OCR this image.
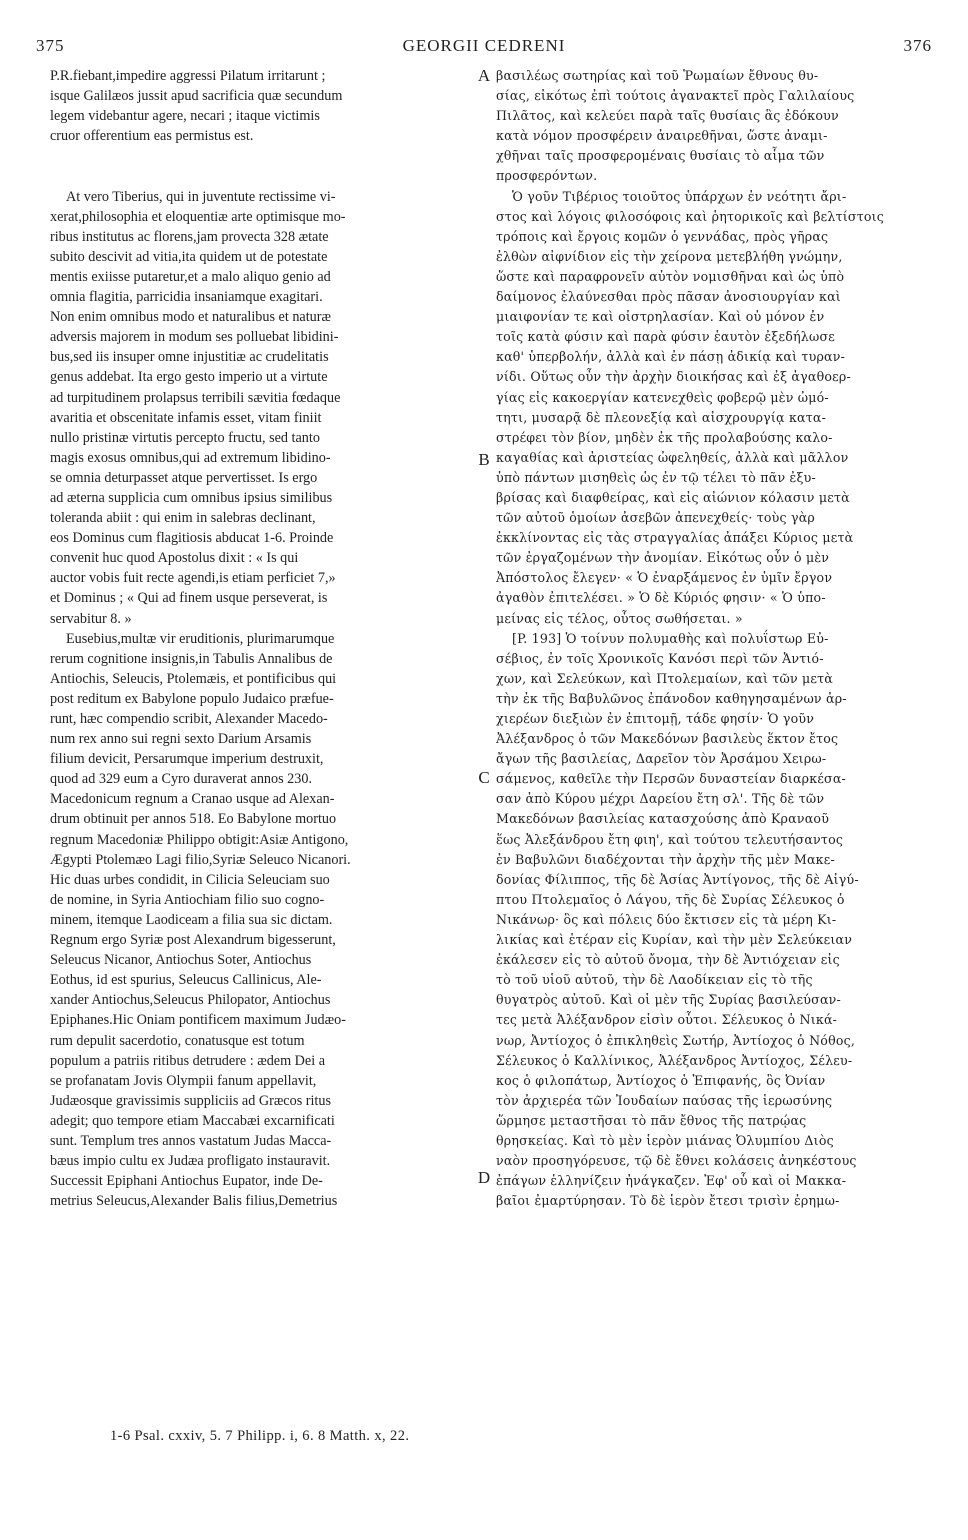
375	GEORGII CEDRENI	376
P.R.fiebant,impedire aggressi Pilatum irritarunt ;
isque Galilæos jussit apud sacrificia quæ secundum
legem videbantur agere, necari ; itaque victimis
cruor offerentium eas permistus est.
At vero Tiberius, qui in juventute rectissime vi-
xerat,philosophia et eloquentiæ arte optimisque mo-
ribus institutus ac florens,jam provecta 328 ætate
subito descivit ad vitia,ita quidem ut de potestate
mentis exiisse putaretur,et a malo aliquo genio ad
omnia flagitia, parricidia insaniamque exagitari.
Non enim omnibus modo et naturalibus et naturæ
adversis majorem in modum ses polluebat libidini-
bus,sed iis insuper omne injustitiæ ac crudelitatis
genus addebat. Ita ergo gesto imperio ut a virtute
ad turpitudinem prolapsus terribili sævitia fœdaque
avaritia et obscenitate infamis esset, vitam finiit
nullo pristinæ virtutis percepto fructu, sed tanto
magis exosus omnibus,qui ad extremum libidino-
se omnia deturpasset atque pervertisset. Is ergo
ad æterna supplicia cum omnibus ipsius similibus
toleranda abiit : qui enim in salebras declinant,
eos Dominus cum flagitiosis abducat 1-6. Proinde
convenit huc quod Apostolus dixit : « Is qui
auctor vobis fuit recte agendi,is etiam perficiet 7,»
et Dominus ; « Qui ad finem usque perseverat, is
servabitur 8. »
Eusebius,multæ vir eruditionis, plurimarumque
rerum cognitione insignis,in Tabulis Annalibus de
Antiochis, Seleucis, Ptolemæis, et pontificibus qui
post reditum ex Babylone populo Judaico præfue-
runt, hæc compendio scribit, Alexander Macedo-
num rex anno sui regni sexto Darium Arsamis
filium devicit, Persarumque imperium destruxit,
quod ad 329 eum a Cyro duraverat annos 230.
Macedonicum regnum a Cranao usque ad Alexan-
drum obtinuit per annos 518. Eo Babylone mortuo
regnum Macedoniæ Philippo obtigit:Asiæ Antigono,
Ægypti Ptolemæo Lagi filio,Syriæ Seleuco Nicanori.
Hic duas urbes condidit, in Cilicia Seleuciam suo
de nomine, in Syria Antiochiam filio suo cogno-
minem, itemque Laodiceam a filia sua sic dictam.
Regnum ergo Syriæ post Alexandrum bigesserunt,
Seleucus Nicanor, Antiochus Soter, Antiochus
Eothus, id est spurius, Seleucus Callinicus, Ale-
xander Antiochus,Seleucus Philopator, Antiochus
Epiphanes.Hic Oniam pontificem maximum Judæo-
rum depulit sacerdotio, conatusque est totum
populum a patriis ritibus detrudere : ædem Dei a
se profanatam Jovis Olympii fanum appellavit,
Judæosque gravissimis suppliciis ad Græcos ritus
adegit; quo tempore etiam Maccabæi excarnificati
sunt. Templum tres annos vastatum Judas Macca-
bæus impio cultu ex Judæa profligato instauravit.
Successit Epiphani Antiochus Eupator, inde De-
metrius Seleucus,Alexander Balis filius,Demetrius
A
B
C
D
βασιλέως σωτηρίας καὶ τοῦ Ῥωμαίων ἔθνους θυ-
σίας, εἰκότως ἐπὶ τούτοις ἀγανακτεῖ πρὸς Γαλιλαίους
Πιλᾶτος, καὶ κελεύει παρὰ ταῖς θυσίαις ἃς ἐδόκουν
κατὰ νόμον προσφέρειν ἀναιρεθῆναι, ὥστε ἀναμι-
χθῆναι ταῖς προσφερομέναις θυσίαις τὸ αἷμα τῶν
προσφερόντων.
Ὁ γοῦν Τιβέριος τοιοῦτος ὑπάρχων ἐν νεότητι ἄρι-
στος καὶ λόγοις φιλοσόφοις καὶ ῥητορικοῖς καὶ βελτίστοις
τρόποις καὶ ἔργοις κομῶν ὁ γεννάδας, πρὸς γῆρας
ἐλθὼν αἰφνίδιον εἰς τὴν χείρονα μετεβλήθη γνώμην,
ὥστε καὶ παραφρονεῖν αὐτὸν νομισθῆναι καὶ ὡς ὑπὸ
δαίμονος ἐλαύνεσθαι πρὸς πᾶσαν ἀνοσιουργίαν καὶ
μιαιφονίαν τε καὶ οἰστρηλασίαν. Καὶ οὐ μόνον ἐν
τοῖς κατὰ φύσιν καὶ παρὰ φύσιν ἑαυτὸν ἐξεδήλωσε
καθ' ὑπερβολήν, ἀλλὰ καὶ ἐν πάσῃ ἀδικίᾳ καὶ τυραν-
νίδι. Οὕτως οὖν τὴν ἀρχὴν διοικήσας καὶ ἐξ ἀγαθοερ-
γίας εἰς κακοεργίαν κατενεχθεὶς φοβερῷ μὲν ὠμό-
τητι, μυσαρᾷ δὲ πλεονεξίᾳ καὶ αἰσχρουργίᾳ κατα-
στρέφει τὸν βίον, μηδὲν ἐκ τῆς προλαβούσης καλο-
καγαθίας καὶ ἀριστείας ὠφεληθείς, ἀλλὰ καὶ μᾶλλον
ὑπὸ πάντων μισηθεὶς ὡς ἐν τῷ τέλει τὸ πᾶν ἐξυ-
βρίσας καὶ διαφθείρας, καὶ εἰς αἰώνιον κόλασιν μετὰ
τῶν αὐτοῦ ὁμοίων ἀσεβῶν ἀπενεχθείς· τοὺς γὰρ
ἐκκλίνοντας εἰς τὰς στραγγαλίας ἀπάξει Κύριος μετὰ
τῶν ἐργαζομένων τὴν ἀνομίαν. Εἰκότως οὖν ὁ μὲν
Ἀπόστολος ἔλεγεν· « Ὁ ἐναρξάμενος ἐν ὑμῖν ἔργον
ἀγαθὸν ἐπιτελέσει. » Ὁ δὲ Κύριός φησιν· « Ὁ ὑπο-
μείνας εἰς τέλος, οὗτος σωθήσεται. »
[P. 193] Ὁ τοίνυν πολυμαθὴς καὶ πολυΐστωρ Εὐ-
σέβιος, ἐν τοῖς Χρονικοῖς Κανόσι περὶ τῶν Ἀντιό-
χων, καὶ Σελεύκων, καὶ Πτολεμαίων, καὶ τῶν μετὰ
τὴν ἐκ τῆς Βαβυλῶνος ἐπάνοδον καθηγησαμένων ἀρ-
χιερέων διεξιὼν ἐν ἐπιτομῇ, τάδε φησίν· Ὁ γοῦν
Ἀλέξανδρος ὁ τῶν Μακεδόνων βασιλεὺς ἕκτον ἔτος
ἄγων τῆς βασιλείας, Δαρεῖον τὸν Ἀρσάμου Χειρω-
σάμενος, καθεῖλε τὴν Περσῶν δυναστείαν διαρκέσα-
σαν ἀπὸ Κύρου μέχρι Δαρείου ἔτη σλ'. Τῆς δὲ τῶν
Μακεδόνων βασιλείας κατασχούσης ἀπὸ Κραναοῦ
ἕως Ἀλεξάνδρου ἔτη φιη', καὶ τούτου τελευτήσαντος
ἐν Βαβυλῶνι διαδέχονται τὴν ἀρχὴν τῆς μὲν Μακε-
δονίας Φίλιππος, τῆς δὲ Ἀσίας Ἀντίγονος, τῆς δὲ Αἰγύ-
πτου Πτολεμαῖος ὁ Λάγου, τῆς δὲ Συρίας Σέλευκος ὁ
Νικάνωρ· ὃς καὶ πόλεις δύο ἔκτισεν εἰς τὰ μέρη Κι-
λικίας καὶ ἑτέραν εἰς Κυρίαν, καὶ τὴν μὲν Σελεύκειαν
ἐκάλεσεν εἰς τὸ αὐτοῦ ὄνομα, τὴν δὲ Ἀντιόχειαν εἰς
τὸ τοῦ υἱοῦ αὐτοῦ, τὴν δὲ Λαοδίκειαν εἰς τὸ τῆς
θυγατρὸς αὐτοῦ. Καὶ οἱ μὲν τῆς Συρίας βασιλεύσαν-
τες μετὰ Ἀλέξανδρον εἰσὶν οὗτοι. Σέλευκος ὁ Νικά-
νωρ, Ἀντίοχος ὁ ἐπικληθεὶς Σωτήρ, Ἀντίοχος ὁ Νόθος,
Σέλευκος ὁ Καλλίνικος, Ἀλέξανδρος Ἀντίοχος, Σέλευ-
κος ὁ φιλοπάτωρ, Ἀντίοχος ὁ Ἐπιφανής, ὃς Ὀνίαν
τὸν ἀρχιερέα τῶν Ἰουδαίων παύσας τῆς ἱερωσύνης
ὥρμησε μεταστῆσαι τὸ πᾶν ἔθνος τῆς πατρῴας
θρησκείας. Καὶ τὸ μὲν ἱερὸν μιάνας Ὀλυμπίου Διὸς
ναὸν προσηγόρευσε, τῷ δὲ ἔθνει κολάσεις ἀνηκέστους
ἐπάγων ἑλληνίζειν ἠνάγκαζεν. Ἐφ' οὗ καὶ οἱ Μακκα-
βαῖοι ἐμαρτύρησαν. Τὸ δὲ ἱερὸν ἔτεσι τρισὶν ἐρημω-
1-6 Psal. cxxiv, 5. 7 Philipp. i, 6. 8 Matth. x, 22.
